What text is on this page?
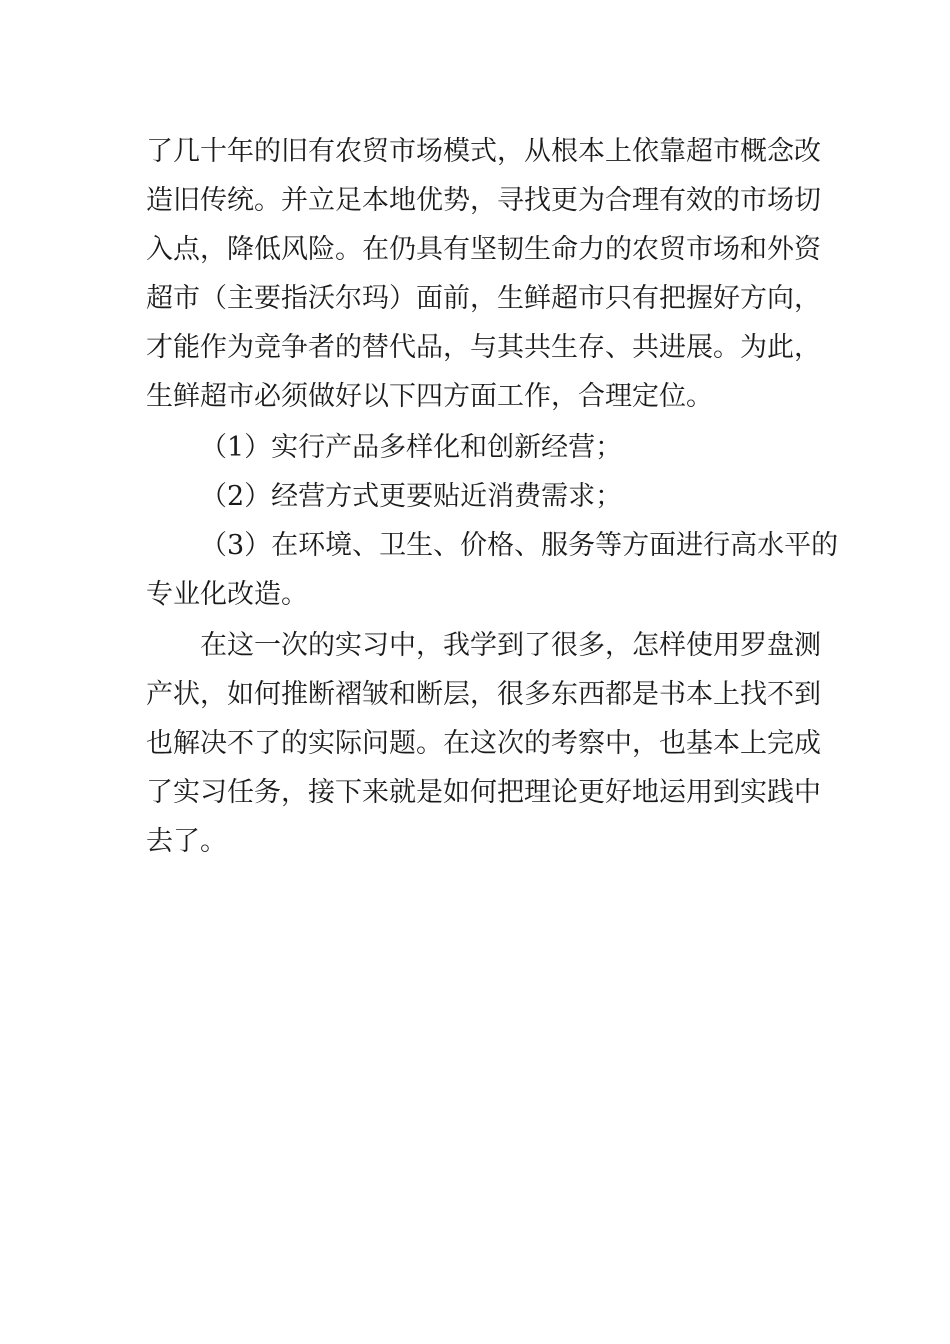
了几十年的旧有农贸市场模式，从根本上依靠超市概念改
造旧传统。并立足本地优势，寻找更为合理有效的市场切
入点，降低风险。在仍具有坚韧生命力的农贸市场和外资
超市（主要指沃尔玛）面前，生鲜超市只有把握好方向，
才能作为竞争者的替代品，与其共生存、共进展。为此，
生鲜超市必须做好以下四方面工作，合理定位。
（1）实行产品多样化和创新经营；
（2）经营方式更要贴近消费需求；
（3）在环境、卫生、价格、服务等方面进行高水平的
专业化改造。
在这一次的实习中，我学到了很多，怎样使用罗盘测
产状，如何推断褶皱和断层，很多东西都是书本上找不到
也解决不了的实际问题。在这次的考察中，也基本上完成
了实习任务，接下来就是如何把理论更好地运用到实践中
去了。
